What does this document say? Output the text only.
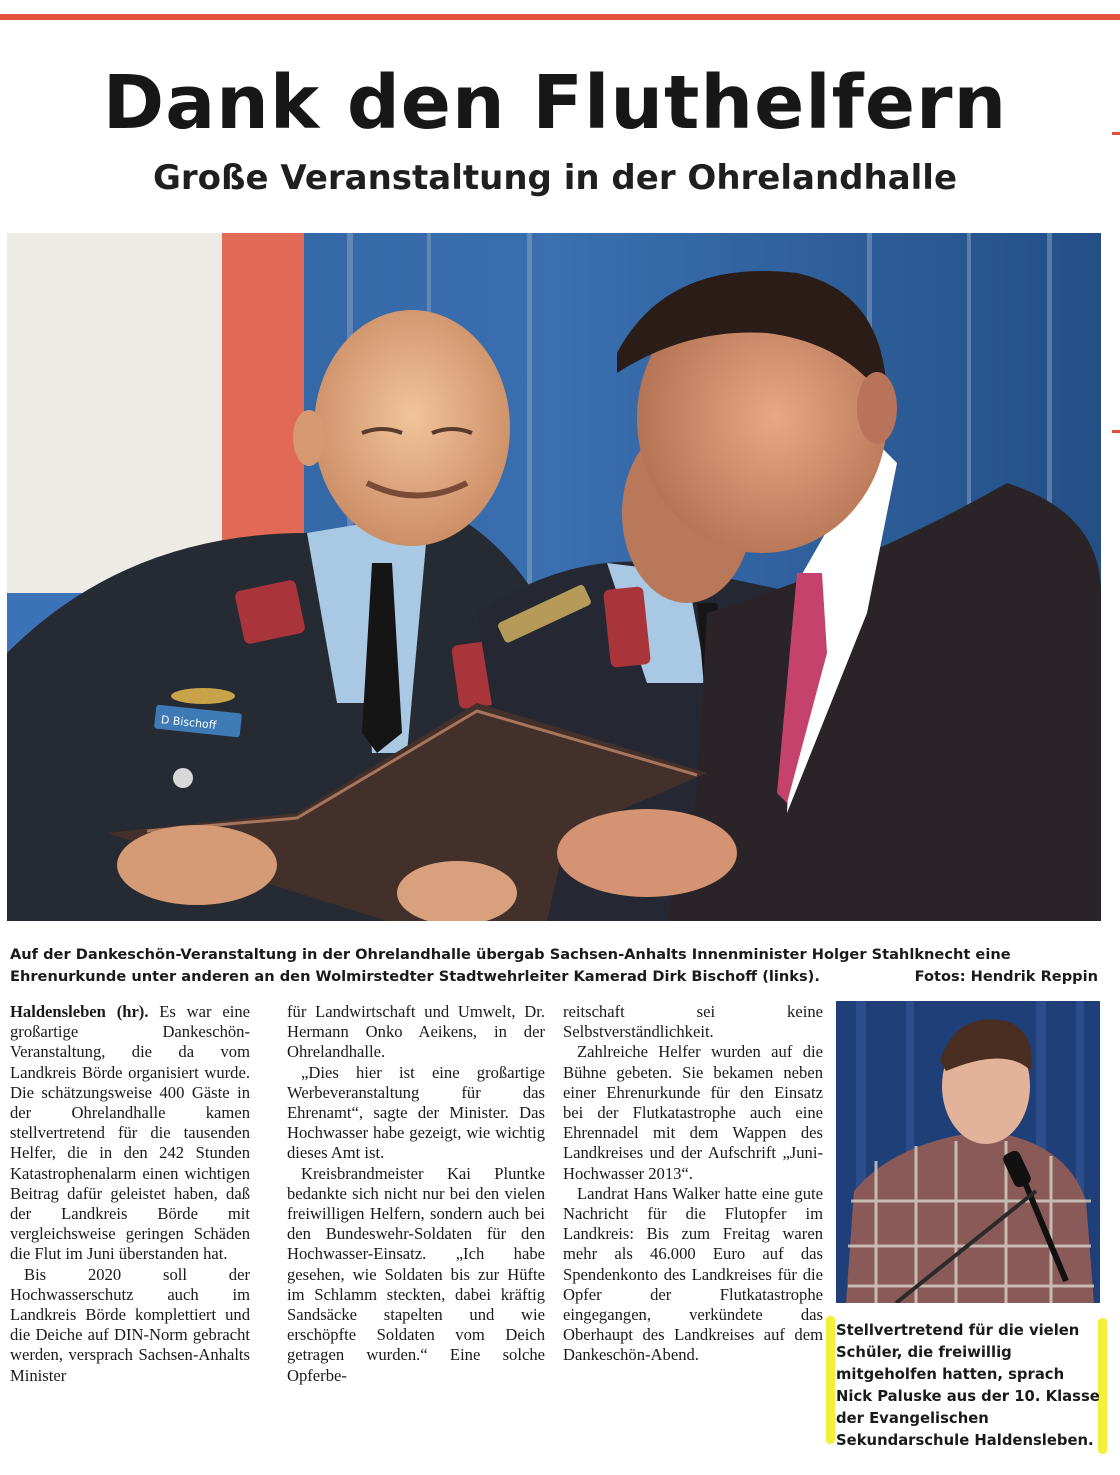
Dank den Fluthelfern
Große Veranstaltung in der Ohrelandhalle
D Bischoff
Auf der Dankeschön-Veranstaltung in der Ohrelandhalle übergab Sachsen-Anhalts Innenminister Holger Stahlknecht eine Ehrenurkunde unter anderen an den Wolmirstedter Stadtwehrleiter Kamerad Dirk Bischoff (links).	Fotos: Hendrik Reppin

Haldensleben (hr). Es war eine großartige Dankeschön-Veranstaltung, die da vom Landkreis Börde organisiert wurde. Die schätzungsweise 400 Gäste in der Ohrelandhalle kamen stellvertretend für die tausenden Helfer, die in den 242 Stunden Katastrophenalarm einen wichtigen Beitrag dafür geleistet haben, daß der Landkreis Börde mit vergleichsweise geringen Schäden die Flut im Juni überstanden hat.

Bis 2020 soll der Hochwasserschutz auch im Landkreis Börde komplettiert und die Deiche auf DIN-Norm gebracht werden, versprach Sachsen-Anhalts Minister

für Landwirtschaft und Umwelt, Dr. Hermann Onko Aeikens, in der Ohrelandhalle.

„Dies hier ist eine großartige Werbeveranstaltung für das Ehrenamt“, sagte der Minister. Das Hochwasser habe gezeigt, wie wichtig dieses Amt ist.

Kreisbrandmeister Kai Pluntke bedankte sich nicht nur bei den vielen freiwilligen Helfern, sondern auch bei den Bundeswehr-Soldaten für den Hochwasser-Einsatz. „Ich habe gesehen, wie Soldaten bis zur Hüfte im Schlamm steckten, dabei kräftig Sandsäcke stapelten und wie erschöpfte Soldaten vom Deich getragen wurden.“ Eine solche Opferbe-

reitschaft sei keine Selbstverständlichkeit.

Zahlreiche Helfer wurden auf die Bühne gebeten. Sie bekamen neben einer Ehrenurkunde für den Einsatz bei der Flutkatastrophe auch eine Ehrennadel mit dem Wappen des Landkreises und der Aufschrift „Juni-Hochwasser 2013“.

Landrat Hans Walker hatte eine gute Nachricht für die Flutopfer im Landkreis: Bis zum Freitag waren mehr als 46.000 Euro auf das Spendenkonto des Landkreises für die Opfer der Flutkatastrophe eingegangen, verkündete das Oberhaupt des Landkreises auf dem Dankeschön-Abend.

Stellvertretend für die vielen Schüler, die freiwillig mitgeholfen hatten, sprach Nick Paluske aus der 10. Klasse der Evangelischen Sekundarschule Haldensleben.
